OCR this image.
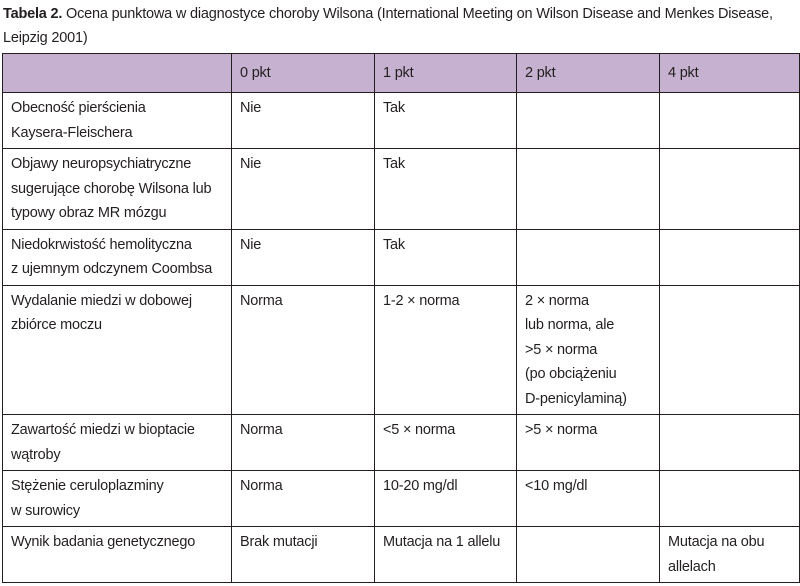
Tabela 2. Ocena punktowa w diagnostyce choroby Wilsona (International Meeting on Wilson Disease and Menkes Disease, Leipzig 2001)
	0 pkt	1 pkt	2 pkt	4 pkt
Obecność pierścienia
Kaysera-Fleischera	Nie	Tak		
Objawy neuropsychiatryczne
sugerujące chorobę Wilsona lub
typowy obraz MR mózgu	Nie	Tak		
Niedokrwistość hemolityczna
z ujemnym odczynem Coombsa	Nie	Tak		
Wydalanie miedzi w dobowej
zbiórce moczu	Norma	1-2 × norma	2 × norma
lub norma, ale
>5 × norma
(po obciążeniu
D-penicylaminą)	
Zawartość miedzi w bioptacie
wątroby	Norma	<5 × norma	>5 × norma	
Stężenie ceruloplazminy
w surowicy	Norma	10-20 mg/dl	<10 mg/dl	
Wynik badania genetycznego	Brak mutacji	Mutacja na 1 allelu		Mutacja na obu
allelach
